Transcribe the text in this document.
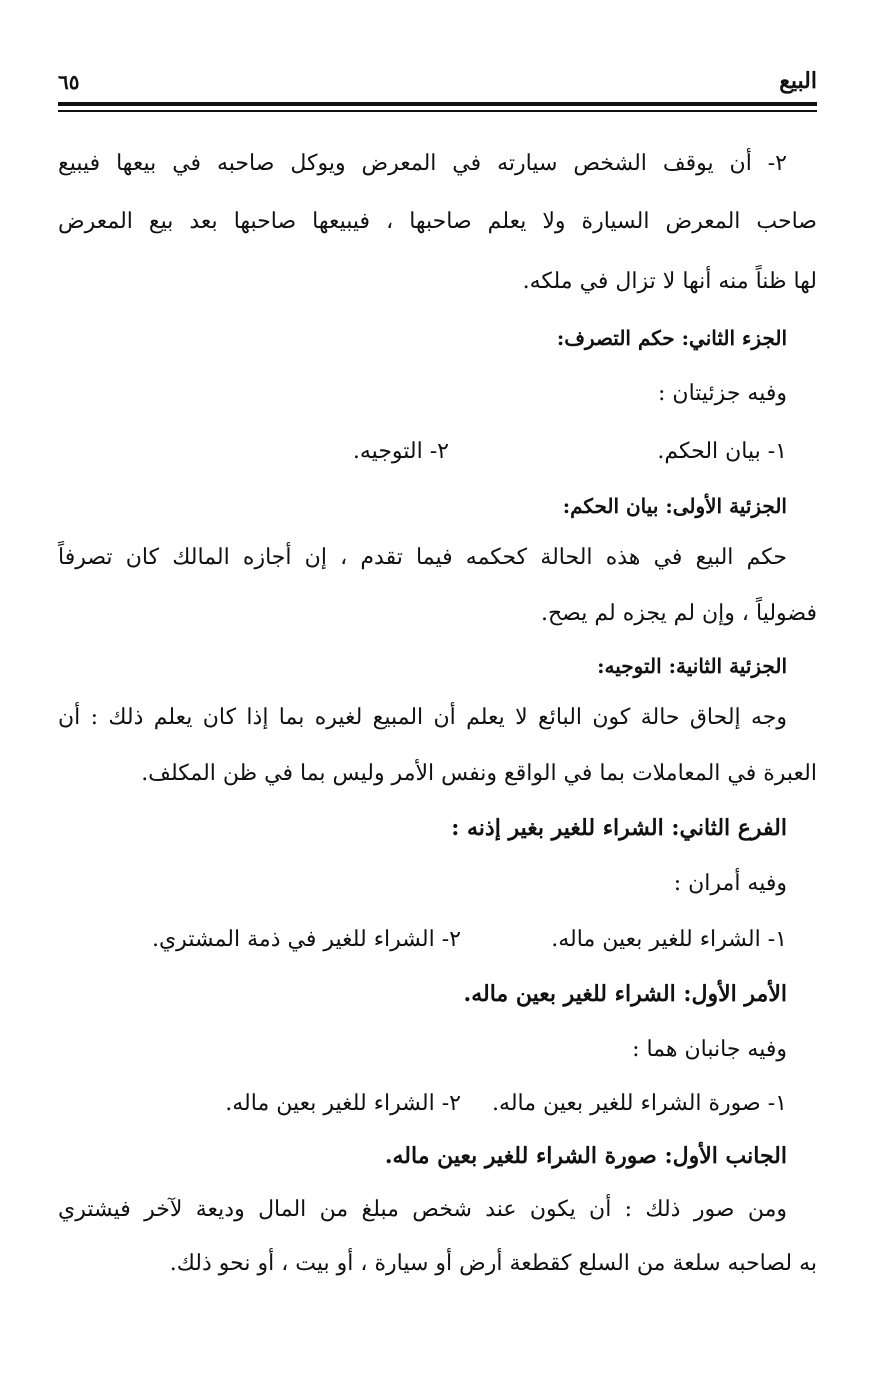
البيع
٦٥
٢- أن يوقف الشخص سيارته في المعرض ويوكل صاحبه في بيعها فيبيع
صاحب المعرض السيارة ولا يعلم صاحبها ، فيبيعها صاحبها بعد بيع المعرض
لها ظناً منه أنها لا تزال في ملكه.
الجزء الثاني: حكم التصرف:
وفيه جزئيتان :
١- بيان الحكم.
٢- التوجيه.
الجزئية الأولى: بيان الحكم:
حكم البيع في هذه الحالة كحكمه فيما تقدم ، إن أجازه المالك كان تصرفاً
فضولياً ، وإن لم يجزه لم يصح.
الجزئية الثانية: التوجيه:
وجه إلحاق حالة كون البائع لا يعلم أن المبيع لغيره بما إذا كان يعلم ذلك : أن
العبرة في المعاملات بما في الواقع ونفس الأمر وليس بما في ظن المكلف.
الفرع الثاني: الشراء للغير بغير إذنه :
وفيه أمران :
١- الشراء للغير بعين ماله.
٢- الشراء للغير في ذمة المشتري.
الأمر الأول: الشراء للغير بعين ماله.
وفيه جانبان هما :
١- صورة الشراء للغير بعين ماله.
٢- الشراء للغير بعين ماله.
الجانب الأول: صورة الشراء للغير بعين ماله.
ومن صور ذلك : أن يكون عند شخص مبلغ من المال وديعة لآخر فيشتري
به لصاحبه سلعة من السلع كقطعة أرض أو سيارة ، أو بيت ، أو نحو ذلك.
